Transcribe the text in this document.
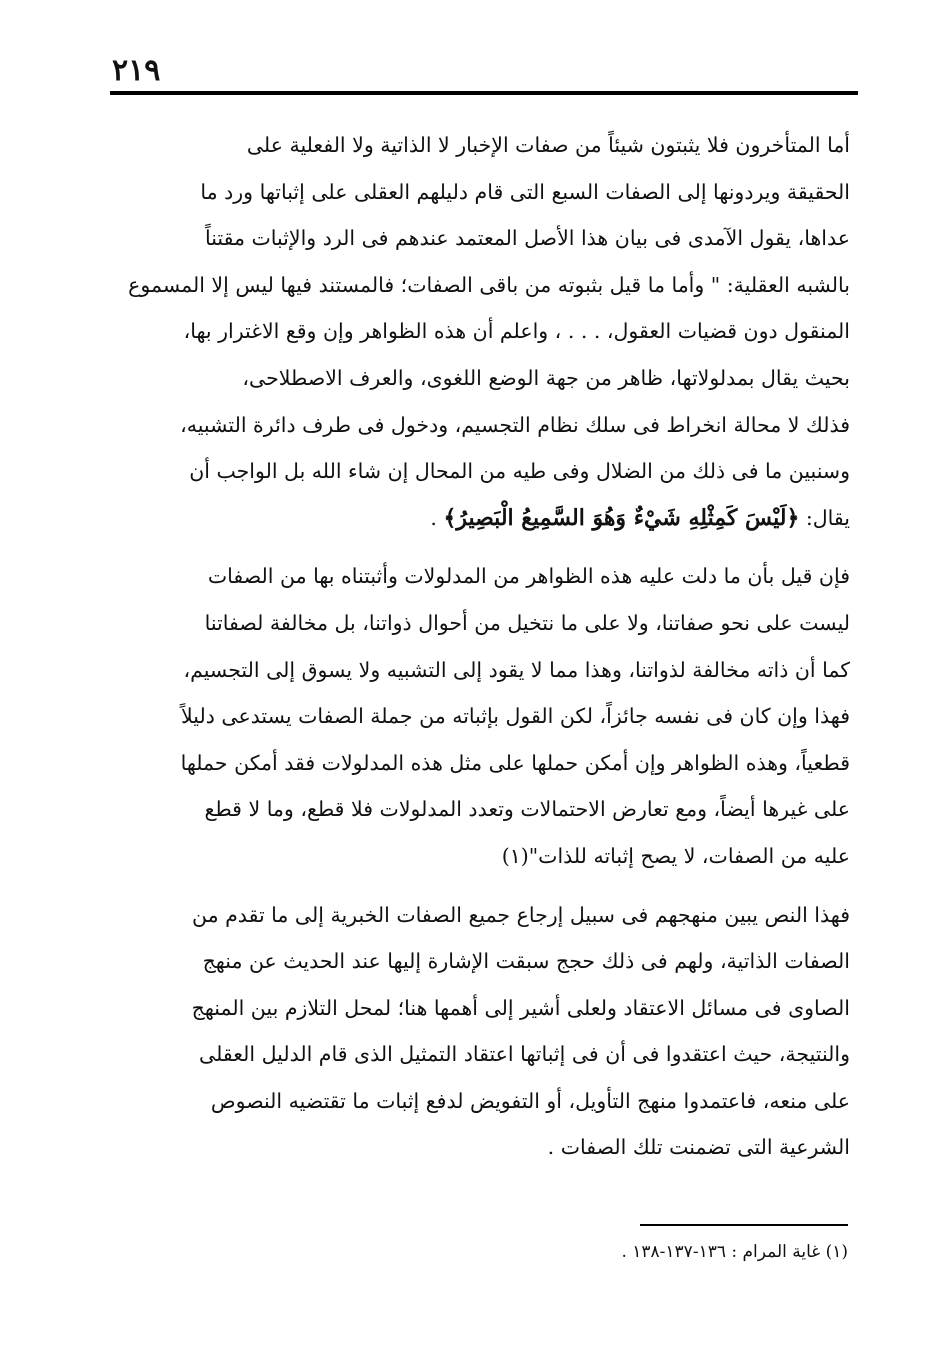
٢١٩
أما المتأخرون فلا يثبتون شيئاً من صفات الإخبار لا الذاتية ولا الفعلية على
الحقيقة ويردونها إلى الصفات السبع التى قام دليلهم العقلى على إثباتها ورد ما
عداها، يقول الآمدى فى بيان هذا الأصل المعتمد عندهم فى الرد والإثبات مقتناً
بالشبه العقلية: " وأما ما قيل بثبوته من باقى الصفات؛ فالمستند فيها ليس إلا المسموع
المنقول دون قضيات العقول، . . . ، واعلم أن هذه الظواهر وإن وقع الاغترار بها،
بحيث يقال بمدلولاتها، ظاهر من جهة الوضع اللغوى، والعرف الاصطلاحى،
فذلك لا محالة انخراط فى سلك نظام التجسيم، ودخول فى طرف دائرة التشبيه،
وسنبين ما فى ذلك من الضلال وفى طيه من المحال إن شاء الله بل الواجب أن
يقال: ﴿لَيْسَ كَمِثْلِهِ شَيْءٌ وَهُوَ السَّمِيعُ الْبَصِيرُ﴾ .
فإن قيل بأن ما دلت عليه هذه الظواهر من المدلولات وأثبتناه بها من الصفات
ليست على نحو صفاتنا، ولا على ما نتخيل من أحوال ذواتنا، بل مخالفة لصفاتنا
كما أن ذاته مخالفة لذواتنا، وهذا مما لا يقود إلى التشبيه ولا يسوق إلى التجسيم،
فهذا وإن كان فى نفسه جائزاً، لكن القول بإثباته من جملة الصفات يستدعى دليلاً
قطعياً، وهذه الظواهر وإن أمكن حملها على مثل هذه المدلولات فقد أمكن حملها
على غيرها أيضاً، ومع تعارض الاحتمالات وتعدد المدلولات فلا قطع، وما لا قطع
عليه من الصفات، لا يصح إثباته للذات"(١)
فهذا النص يبين منهجهم فى سبيل إرجاع جميع الصفات الخبرية إلى ما تقدم من
الصفات الذاتية، ولهم فى ذلك حجج سبقت الإشارة إليها عند الحديث عن منهج
الصاوى فى مسائل الاعتقاد ولعلى أشير إلى أهمها هنا؛ لمحل التلازم بين المنهج
والنتيجة، حيث اعتقدوا فى أن فى إثباتها اعتقاد التمثيل الذى قام الدليل العقلى
على منعه، فاعتمدوا منهج التأويل، أو التفويض لدفع إثبات ما تقتضيه النصوص
الشرعية التى تضمنت تلك الصفات .
(١) غاية المرام : ١٣٦-١٣٧-١٣٨ .
